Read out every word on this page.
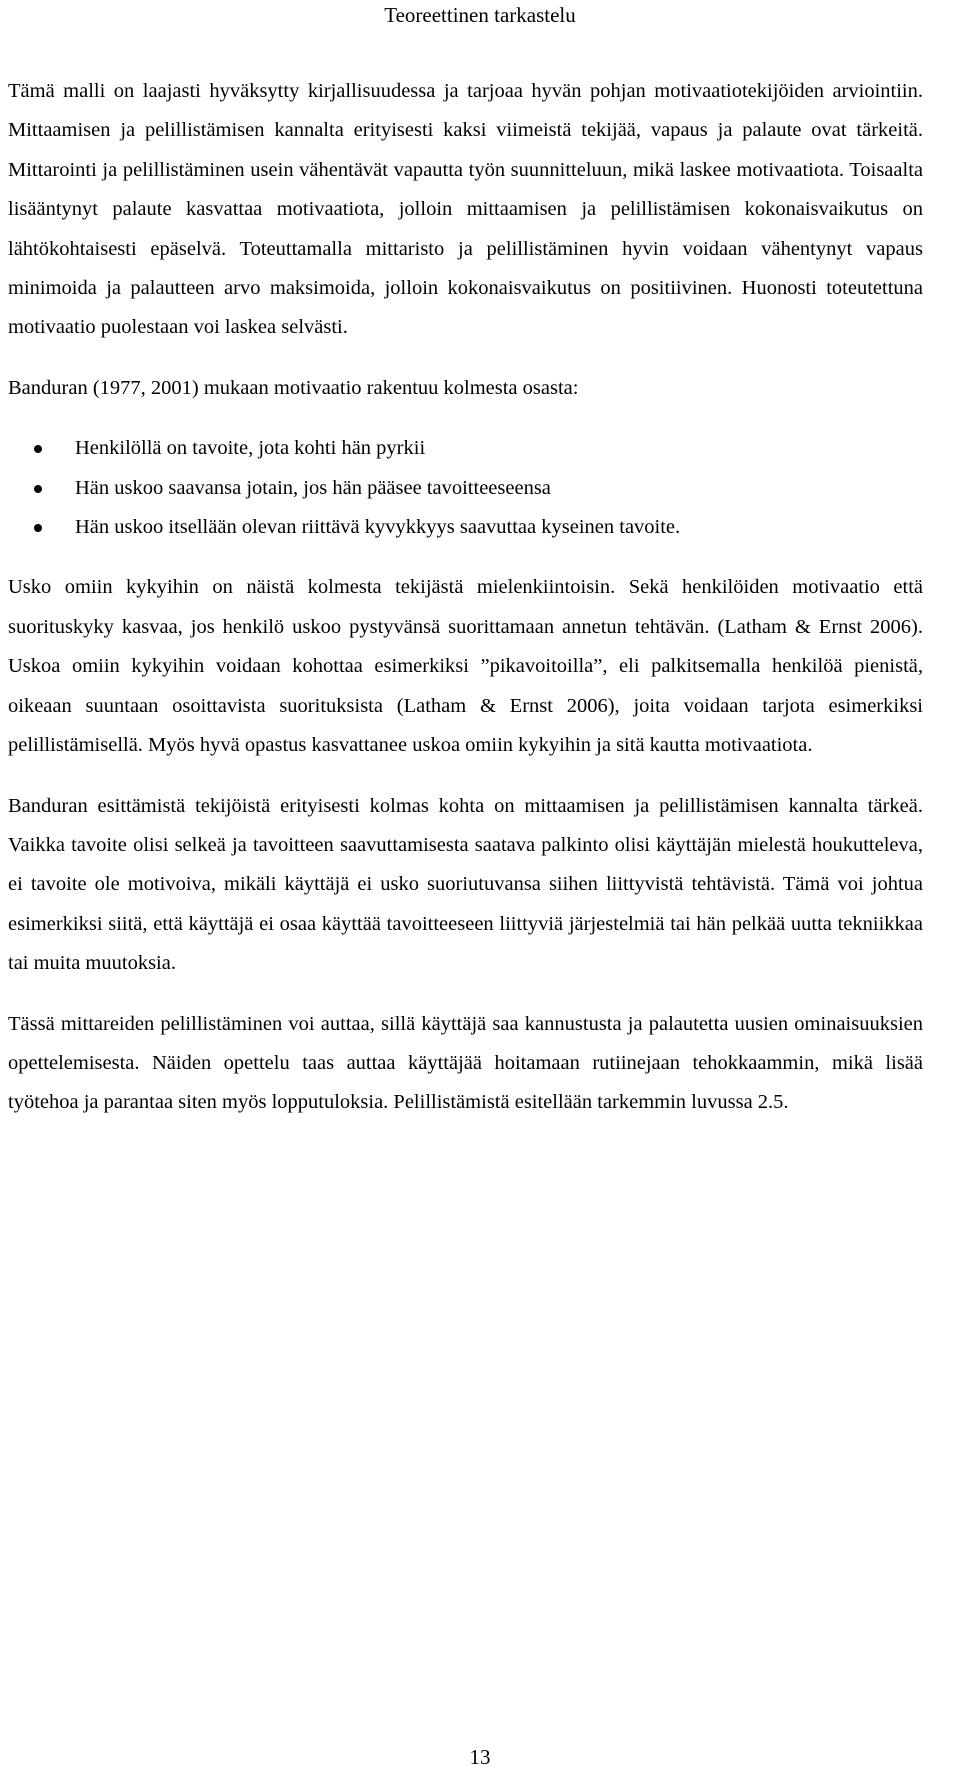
Teoreettinen tarkastelu

Tämä malli on laajasti hyväksytty kirjallisuudessa ja tarjoaa hyvän pohjan motivaatiotekijöiden arviointiin. Mittaamisen ja pelillistämisen kannalta erityisesti kaksi viimeistä tekijää, vapaus ja palaute ovat tärkeitä. Mittarointi ja pelillistäminen usein vähentävät vapautta työn suunnitteluun, mikä laskee motivaatiota. Toisaalta lisääntynyt palaute kasvattaa motivaatiota, jolloin mittaamisen ja pelillistämisen kokonaisvaikutus on lähtökohtaisesti epäselvä. Toteuttamalla mittaristo ja pelillistäminen hyvin voidaan vähentynyt vapaus minimoida ja palautteen arvo maksimoida, jolloin kokonaisvaikutus on positiivinen. Huonosti toteutettuna motivaatio puolestaan voi laskea selvästi.

Banduran (1977, 2001) mukaan motivaatio rakentuu kolmesta osasta:

Henkilöllä on tavoite, jota kohti hän pyrkii
Hän uskoo saavansa jotain, jos hän pääsee tavoitteeseensa
Hän uskoo itsellään olevan riittävä kyvykkyys saavuttaa kyseinen tavoite.

Usko omiin kykyihin on näistä kolmesta tekijästä mielenkiintoisin. Sekä henkilöiden motivaatio että suorituskyky kasvaa, jos henkilö uskoo pystyvänsä suorittamaan annetun tehtävän. (Latham & Ernst 2006). Uskoa omiin kykyihin voidaan kohottaa esimerkiksi ”pikavoitoilla”, eli palkitsemalla henkilöä pienistä, oikeaan suuntaan osoittavista suorituksista (Latham & Ernst 2006), joita voidaan tarjota esimerkiksi pelillistämisellä. Myös hyvä opastus kasvattanee uskoa omiin kykyihin ja sitä kautta motivaatiota.

Banduran esittämistä tekijöistä erityisesti kolmas kohta on mittaamisen ja pelillistämisen kannalta tärkeä. Vaikka tavoite olisi selkeä ja tavoitteen saavuttamisesta saatava palkinto olisi käyttäjän mielestä houkutteleva, ei tavoite ole motivoiva, mikäli käyttäjä ei usko suoriutuvansa siihen liittyvistä tehtävistä. Tämä voi johtua esimerkiksi siitä, että käyttäjä ei osaa käyttää tavoitteeseen liittyviä järjestelmiä tai hän pelkää uutta tekniikkaa tai muita muutoksia.

Tässä mittareiden pelillistäminen voi auttaa, sillä käyttäjä saa kannustusta ja palautetta uusien ominaisuuksien opettelemisesta. Näiden opettelu taas auttaa käyttäjää hoitamaan rutiinejaan tehokkaammin, mikä lisää työtehoa ja parantaa siten myös lopputuloksia. Pelillistämistä esitellään tarkemmin luvussa 2.5.

13
